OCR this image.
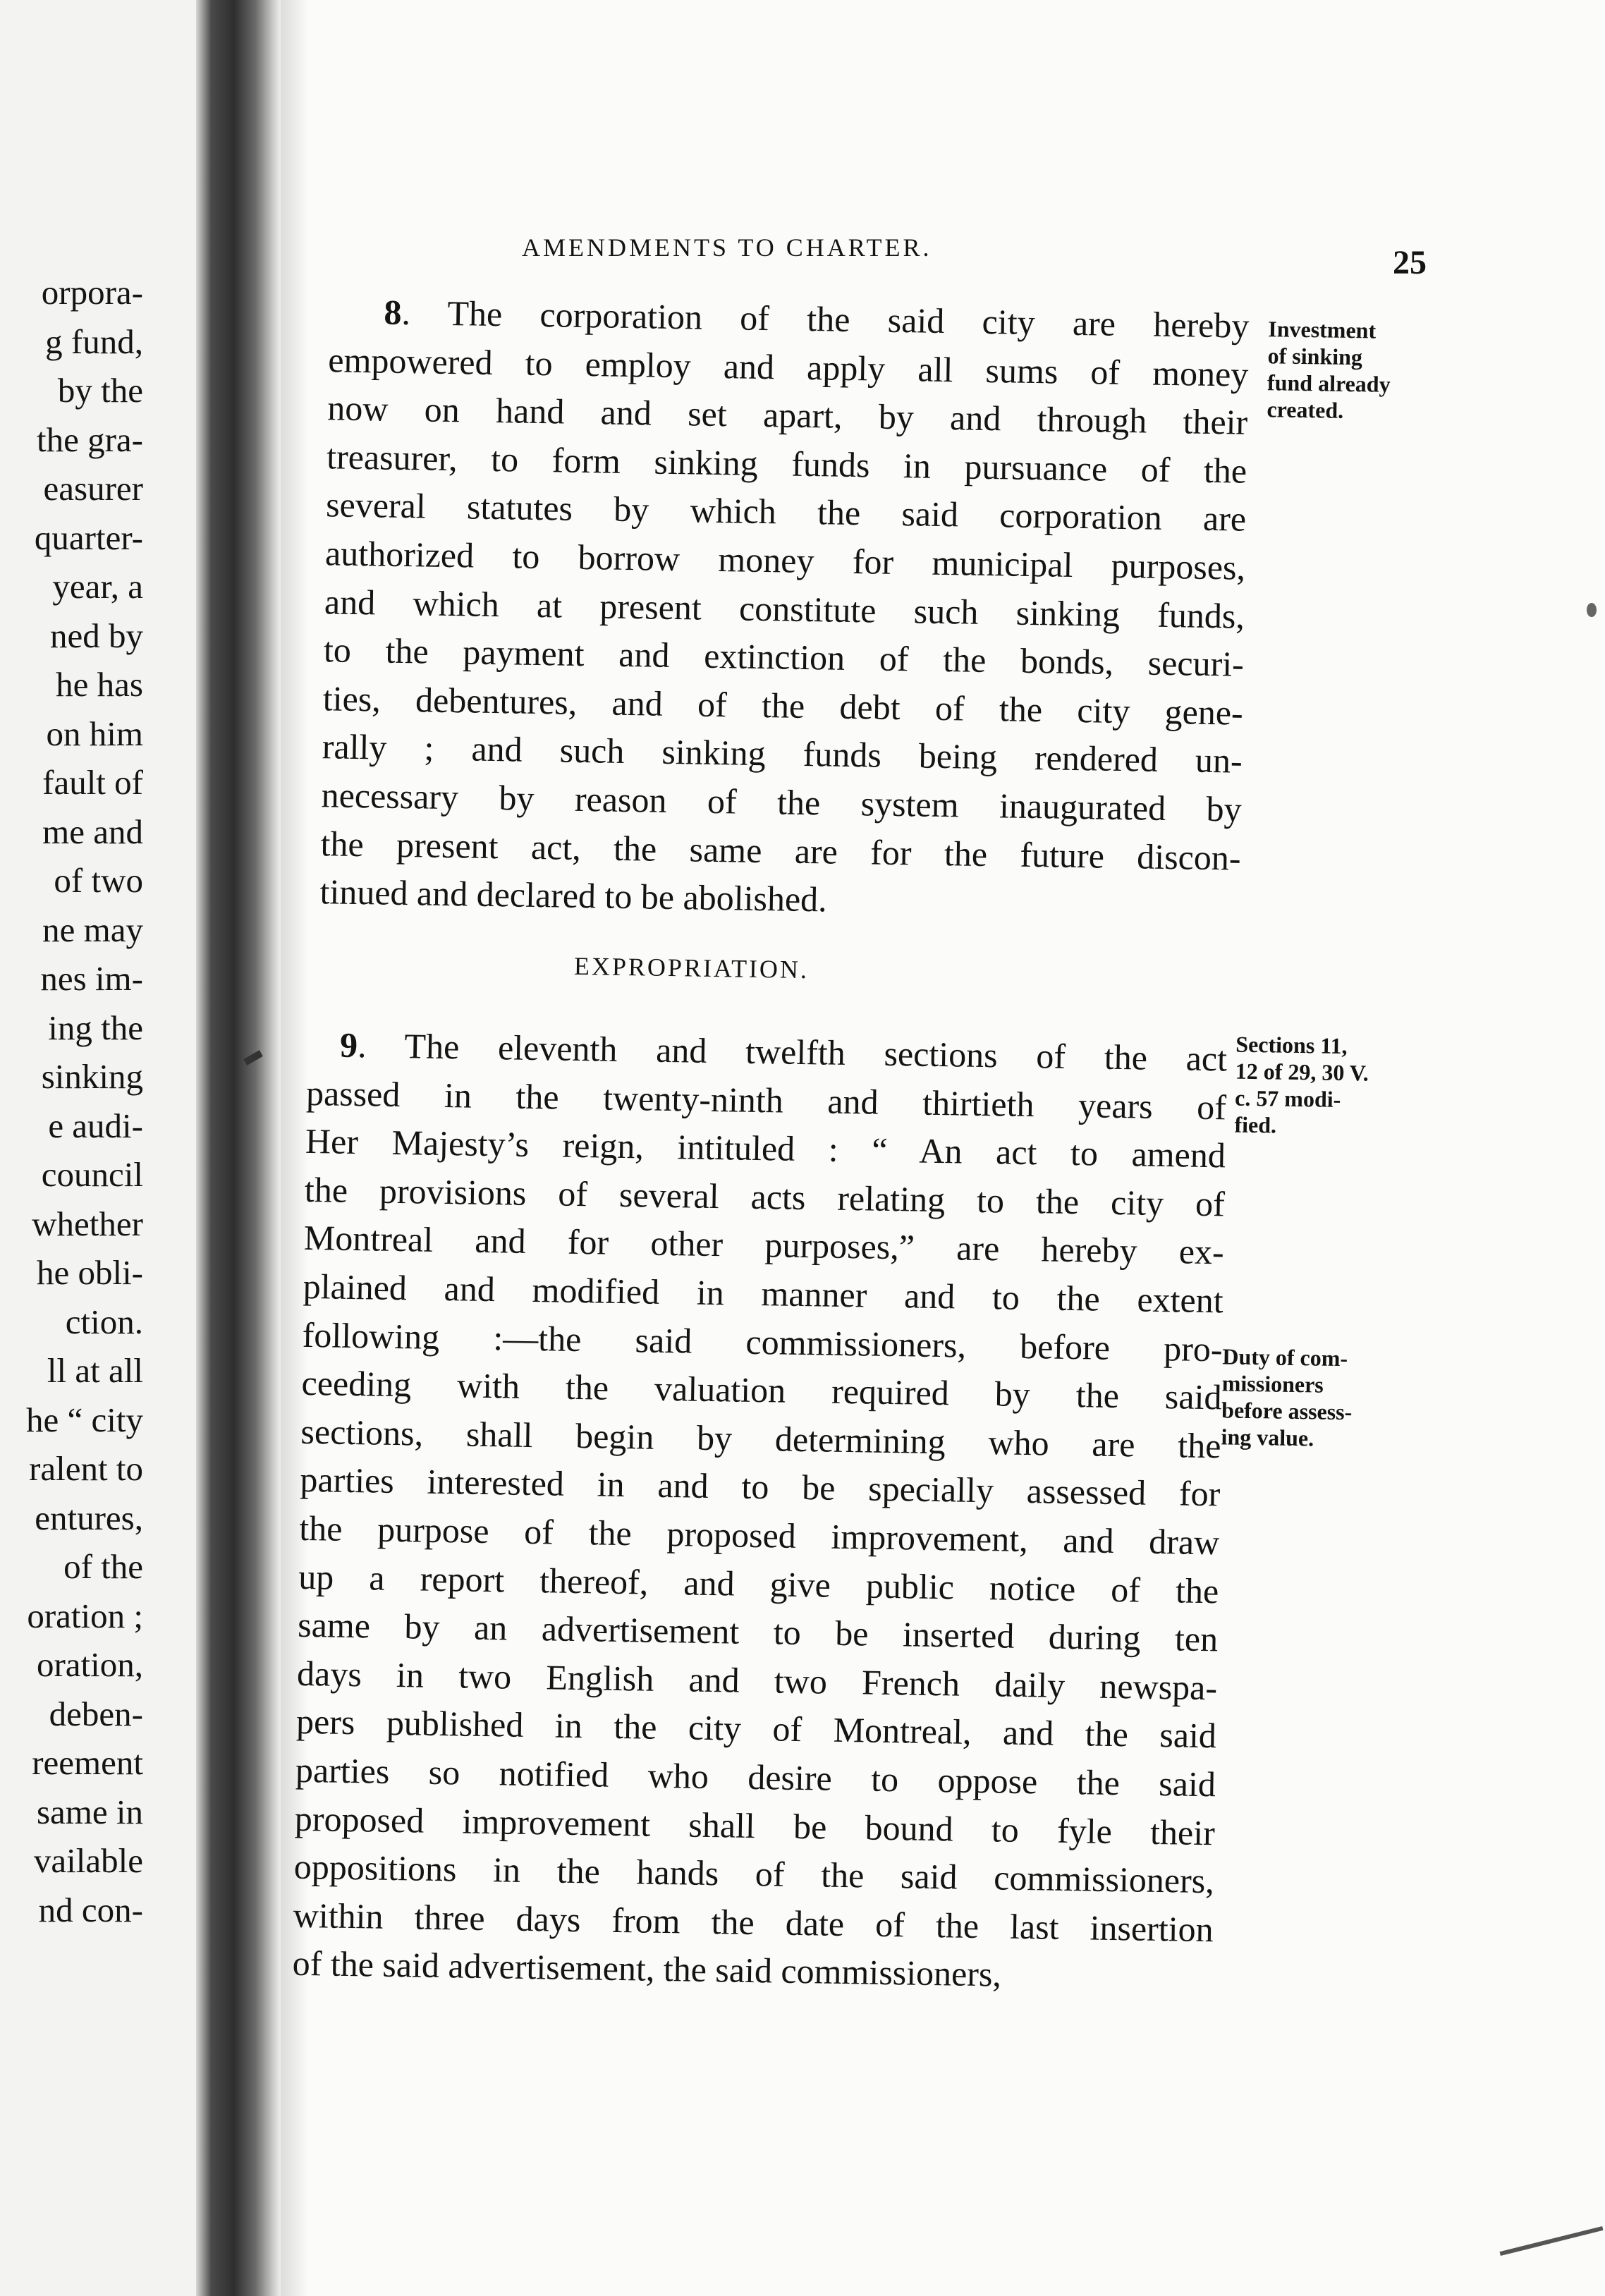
orpora-
g fund,
by the
the gra-
easurer
quarter-
year, a
ned by
he has
on him
fault of
me and
of two
ne may
nes im-
ing the
sinking
e audi-
council
whether
he obli-
ction.
ll at all
he “ city
ralent to
entures,
of the
oration ;
oration,
deben-
reement
same in
vailable
nd con-
AMENDMENTS TO CHARTER.	25
8. The corporation of the said city are hereby
empowered to employ and apply all sums of money
now on hand and set apart, by and through their
treasurer, to form sinking funds in pursuance of the
several statutes by which the said corporation are
authorized to borrow money for municipal purposes,
and which at present constitute such sinking funds,
to the payment and extinction of the bonds, securi-
ties, debentures, and of the debt of the city gene-
rally ; and such sinking funds being rendered un-
necessary by reason of the system inaugurated by
the present act, the same are for the future discon-
tinued and declared to be abolished.
EXPROPRIATION.
9. The eleventh and twelfth sections of the act
passed in the twenty-ninth and thirtieth years of
Her Majesty’s reign, intituled : “ An act to amend
the provisions of several acts relating to the city of
Montreal and for other purposes,” are hereby ex-
plained and modified in manner and to the extent
following :—the said commissioners, before pro-
ceeding with the valuation required by the said
sections, shall begin by determining who are the
parties interested in and to be specially assessed for
the purpose of the proposed improvement, and draw
up a report thereof, and give public notice of the
same by an advertisement to be inserted during ten
days in two English and two French daily newspa-
pers published in the city of Montreal, and the said
parties so notified who desire to oppose the said
proposed improvement shall be bound to fyle their
oppositions in the hands of the said commissioners,
within three days from the date of the last insertion
of the said advertisement, the said commissioners,
Investment
of sinking
fund already
created.
Sections 11,
12 of 29, 30 V.
c. 57 modi-
fied.
Duty of com-
missioners
before assess-
ing value.
